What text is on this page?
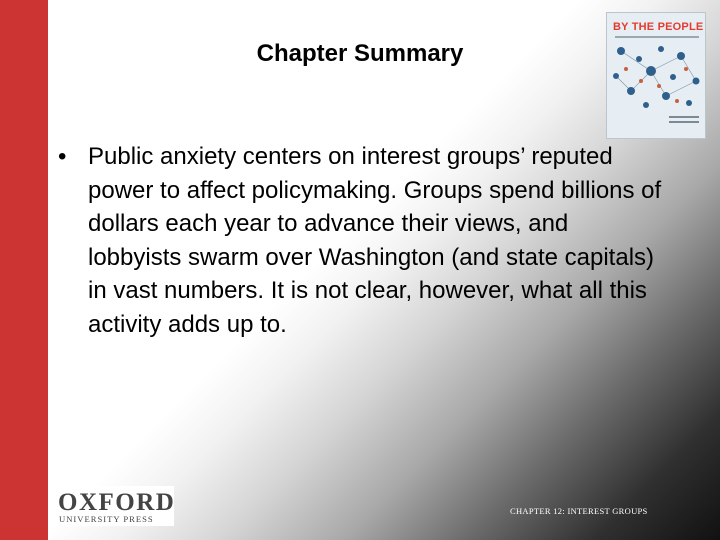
Chapter Summary
BY THE PEOPLE
• Public anxiety centers on interest groups’ reputed power to affect policymaking. Groups spend billions of dollars each year to advance their views, and lobbyists swarm over Washington (and state capitals) in vast numbers. It is not clear, however, what all this activity adds up to.
OXFORD
UNIVERSITY PRESS
CHAPTER 12: INTEREST GROUPS
